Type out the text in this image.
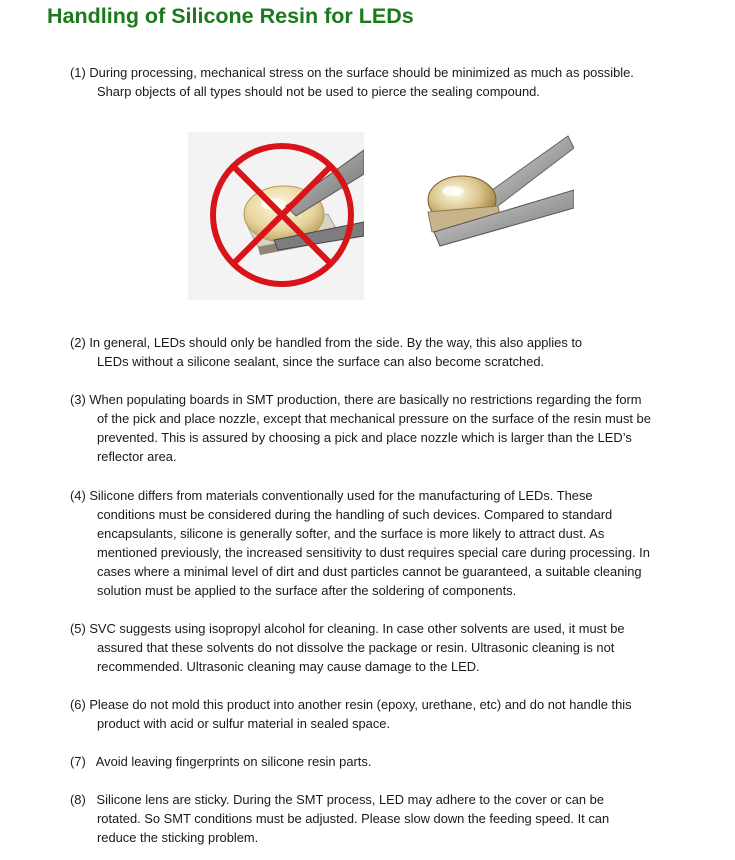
Handling of Silicone Resin for LEDs
(1) During processing, mechanical stress on the surface should be minimized as much as possible.
Sharp objects of all types should not be used to pierce the sealing compound.
(2) In general, LEDs should only be handled from the side. By the way, this also applies to
LEDs without a silicone sealant, since the surface can also become scratched.
(3) When populating boards in SMT production, there are basically no restrictions regarding the form
of the pick and place nozzle, except that mechanical pressure on the surface of the resin must be
prevented. This is assured by choosing a pick and place nozzle which is larger than the LED’s
reflector area.
(4) Silicone differs from materials conventionally used for the manufacturing of LEDs. These
conditions must be considered during the handling of such devices. Compared to standard
encapsulants, silicone is generally softer, and the surface is more likely to attract dust. As
mentioned previously, the increased sensitivity to dust requires special care during processing. In
cases where a minimal level of dirt and dust particles cannot be guaranteed, a suitable cleaning
solution must be applied to the surface after the soldering of components.
(5) SVC suggests using isopropyl alcohol for cleaning. In case other solvents are used, it must be
assured that these solvents do not dissolve the package or resin. Ultrasonic cleaning is not
recommended. Ultrasonic cleaning may cause damage to the LED.
(6) Please do not mold this product into another resin (epoxy, urethane, etc) and do not handle this
product with acid or sulfur material in sealed space.
(7)   Avoid leaving fingerprints on silicone resin parts.
(8)   Silicone lens are sticky. During the SMT process, LED may adhere to the cover or can be
rotated. So SMT conditions must be adjusted. Please slow down the feeding speed. It can
reduce the sticking problem.
